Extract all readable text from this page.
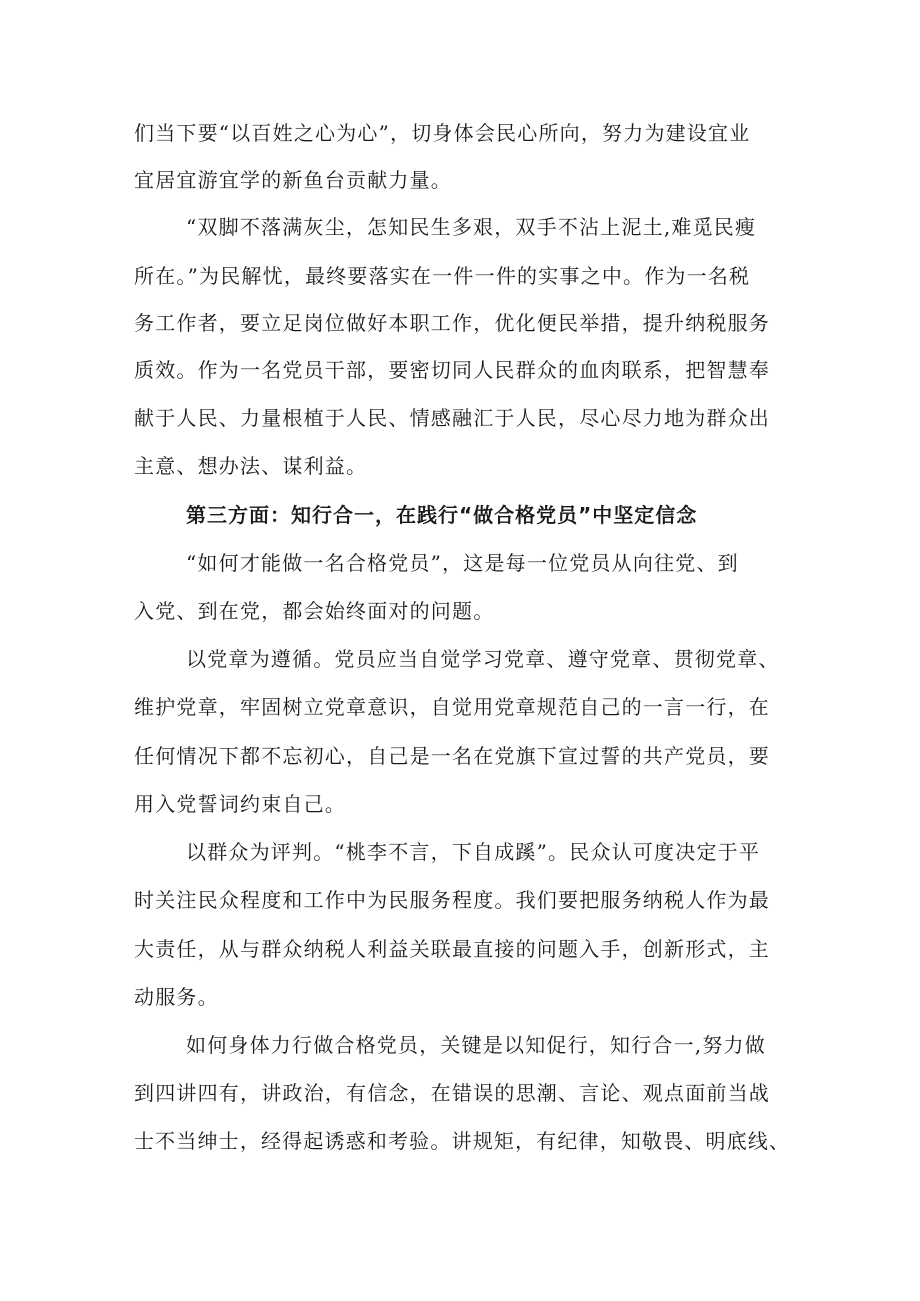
们当下要“以百姓之心为心”，切身体会民心所向，努力为建设宜业
宜居宜游宜学的新鱼台贡献力量。
“双脚不落满灰尘，怎知民生多艰，双手不沾上泥土,难觅民瘦
所在。”为民解忧，最终要落实在一件一件的实事之中。作为一名税
务工作者，要立足岗位做好本职工作，优化便民举措，提升纳税服务
质效。作为一名党员干部，要密切同人民群众的血肉联系，把智慧奉
献于人民、力量根植于人民、情感融汇于人民，尽心尽力地为群众出
主意、想办法、谋利益。
第三方面：知行合一，在践行“做合格党员”中坚定信念
“如何才能做一名合格党员”，这是每一位党员从向往党、到
入党、到在党，都会始终面对的问题。
以党章为遵循。党员应当自觉学习党章、遵守党章、贯彻党章、
维护党章，牢固树立党章意识，自觉用党章规范自己的一言一行，在
任何情况下都不忘初心，自己是一名在党旗下宣过誓的共产党员，要
用入党誓词约束自己。
以群众为评判。“桃李不言，下自成蹊”。民众认可度决定于平
时关注民众程度和工作中为民服务程度。我们要把服务纳税人作为最
大责任，从与群众纳税人利益关联最直接的问题入手，创新形式，主
动服务。
如何身体力行做合格党员，关键是以知促行，知行合一,努力做
到四讲四有，讲政治，有信念，在错误的思潮、言论、观点面前当战
士不当绅士，经得起诱惑和考验。讲规矩，有纪律，知敬畏、明底线、
